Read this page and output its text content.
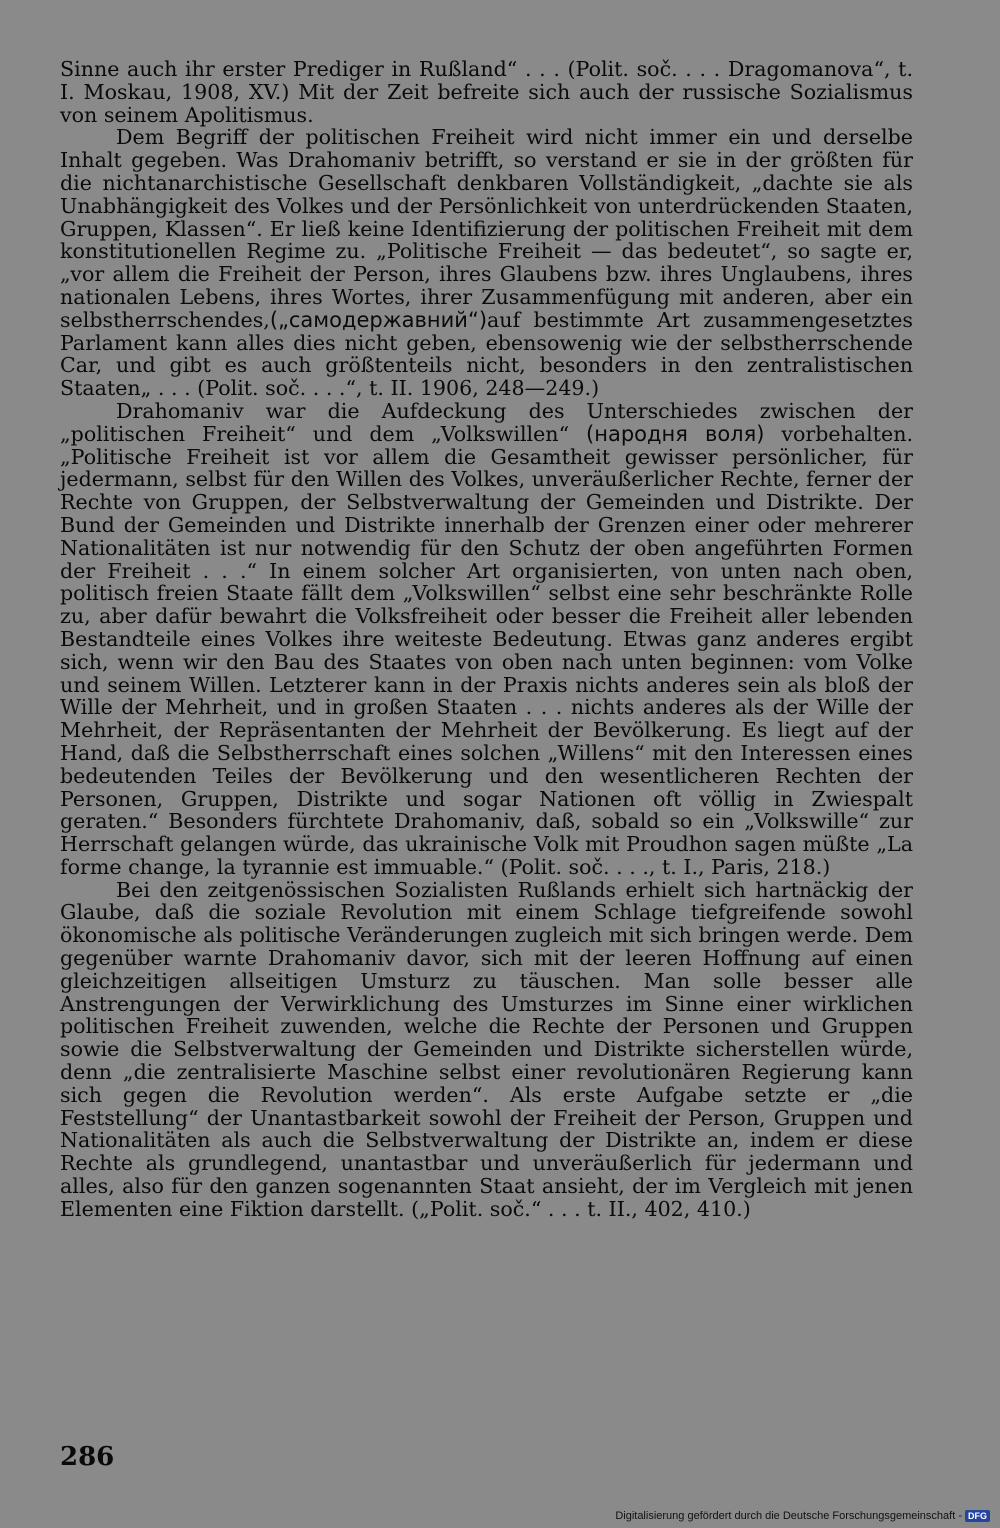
Sinne auch ihr erster Prediger in Rußland“ . . . (Polit. soč. . . . Dragomanova“, t. I. Moskau, 1908, XV.) Mit der Zeit befreite sich auch der russische Sozialismus von seinem Apolitismus.

Dem Begriff der politischen Freiheit wird nicht immer ein und derselbe Inhalt gegeben. Was Drahomaniv betrifft, so verstand er sie in der größten für die nichtanarchistische Gesellschaft denkbaren Vollständigkeit, „dachte sie als Unabhängigkeit des Volkes und der Persönlichkeit von unterdrückenden Staaten, Gruppen, Klassen“. Er ließ keine Identifizierung der politischen Freiheit mit dem konstitutionellen Regime zu. „Politische Freiheit — das bedeutet“, so sagte er, „vor allem die Freiheit der Person, ihres Glaubens bzw. ihres Unglaubens, ihres nationalen Lebens, ihres Wortes, ihrer Zusammenfügung mit anderen, aber ein selbstherrschendes,(„самодержавний“)auf bestimmte Art zusammengesetztes Parlament kann alles dies nicht geben, ebensowenig wie der selbstherrschende Car, und gibt es auch größtenteils nicht, besonders in den zentralistischen Staaten„ . . . (Polit. soč. . . .“, t. II. 1906, 248—249.)

Drahomaniv war die Aufdeckung des Unterschiedes zwischen der „politischen Freiheit“ und dem „Volkswillen“ (народня воля) vorbehalten. „Politische Freiheit ist vor allem die Gesamtheit gewisser persönlicher, für jedermann, selbst für den Willen des Volkes, unveräußerlicher Rechte, ferner der Rechte von Gruppen, der Selbstverwaltung der Gemeinden und Distrikte. Der Bund der Gemeinden und Distrikte innerhalb der Grenzen einer oder mehrerer Nationalitäten ist nur notwendig für den Schutz der oben angeführten Formen der Freiheit . . .“ In einem solcher Art organisierten, von unten nach oben, politisch freien Staate fällt dem „Volkswillen“ selbst eine sehr beschränkte Rolle zu, aber dafür bewahrt die Volksfreiheit oder besser die Freiheit aller lebenden Bestandteile eines Volkes ihre weiteste Bedeutung. Etwas ganz anderes ergibt sich, wenn wir den Bau des Staates von oben nach unten beginnen: vom Volke und seinem Willen. Letzterer kann in der Praxis nichts anderes sein als bloß der Wille der Mehrheit, und in großen Staaten . . . nichts anderes als der Wille der Mehrheit, der Repräsentanten der Mehrheit der Bevölkerung. Es liegt auf der Hand, daß die Selbstherrschaft eines solchen „Willens“ mit den Interessen eines bedeutenden Teiles der Bevölkerung und den wesentlicheren Rechten der Personen, Gruppen, Distrikte und sogar Nationen oft völlig in Zwiespalt geraten.“ Besonders fürchtete Drahomaniv, daß, sobald so ein „Volkswille“ zur Herrschaft gelangen würde, das ukrainische Volk mit Proudhon sagen müßte „La forme change, la tyrannie est immuable.“ (Polit. soč. . . ., t. I., Paris, 218.)

Bei den zeitgenössischen Sozialisten Rußlands erhielt sich hartnäckig der Glaube, daß die soziale Revolution mit einem Schlage tiefgreifende sowohl ökonomische als politische Veränderungen zugleich mit sich bringen werde. Dem gegenüber warnte Drahomaniv davor, sich mit der leeren Hoffnung auf einen gleichzeitigen allseitigen Umsturz zu täuschen. Man solle besser alle Anstrengungen der Verwirklichung des Umsturzes im Sinne einer wirklichen politischen Freiheit zuwenden, welche die Rechte der Personen und Gruppen sowie die Selbstverwaltung der Gemeinden und Distrikte sicherstellen würde, denn „die zentralisierte Maschine selbst einer revolutionären Regierung kann sich gegen die Revolution werden“. Als erste Aufgabe setzte er „die Feststellung“ der Unantastbarkeit sowohl der Freiheit der Person, Gruppen und Nationalitäten als auch die Selbstverwaltung der Distrikte an, indem er diese Rechte als grundlegend, unantastbar und unveräußerlich für jedermann und alles, also für den ganzen sogenannten Staat ansieht, der im Vergleich mit jenen Elementen eine Fiktion darstellt. („Polit. soč.“ . . . t. II., 402, 410.)

286
Digitalisierung gefördert durch die Deutsche Forschungsgemeinschaft - DFG
